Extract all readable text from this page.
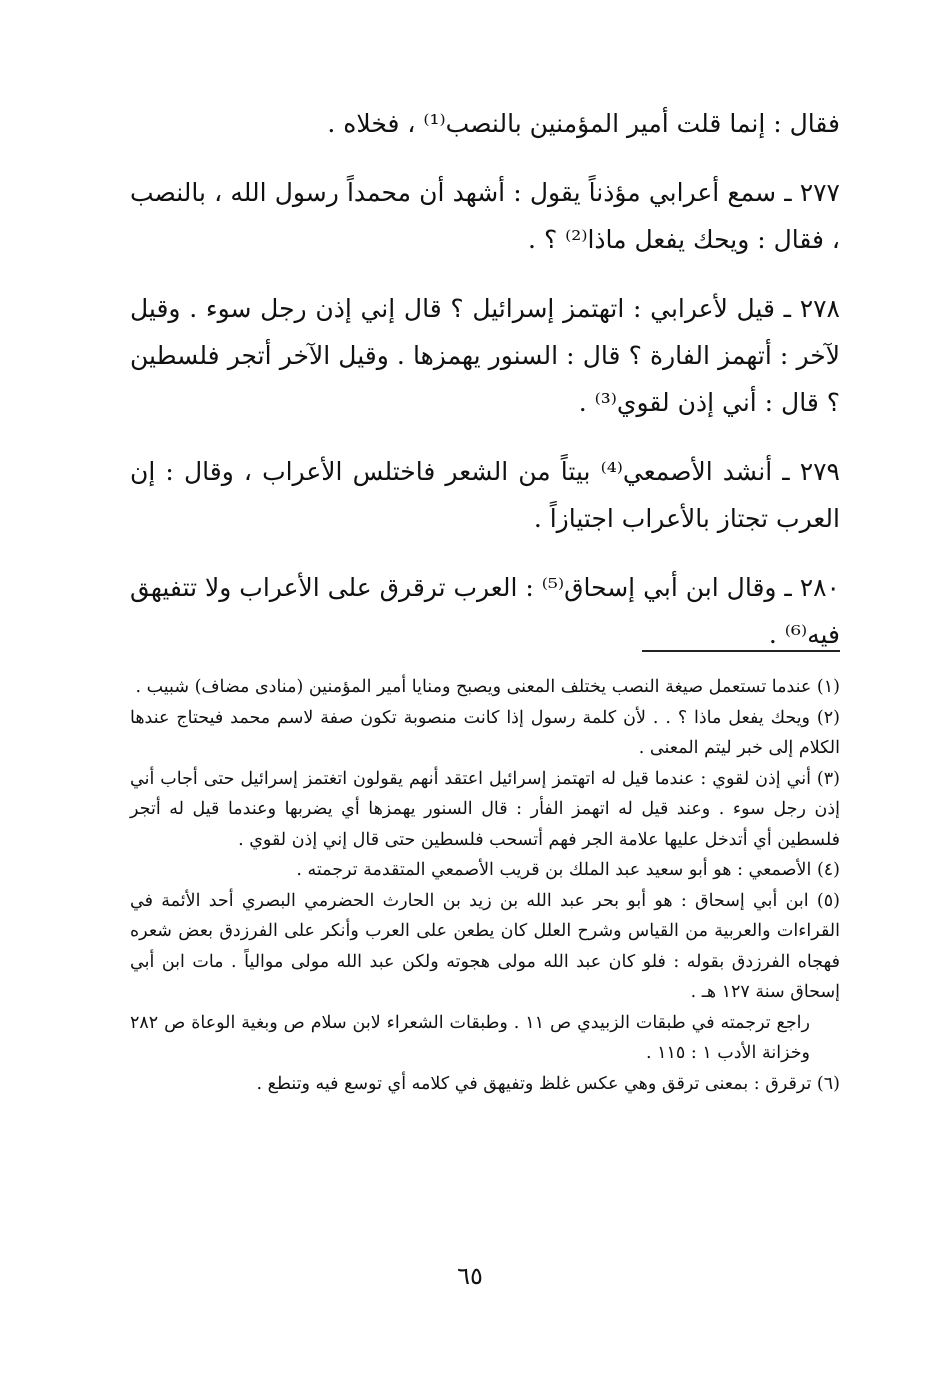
فقال : إنما قلت أمير المؤمنين بالنصب⁽¹⁾ ، فخلاه .

٢٧٧ ـ سمع أعرابي مؤذناً يقول : أشهد أن محمداً رسول الله ، بالنصب ، فقال : ويحك يفعل ماذا⁽²⁾ ؟ .

٢٧٨ ـ قيل لأعرابي : اتهتمز إسرائيل ؟ قال إني إذن رجل سوء . وقيل لآخر : أتهمز الفارة ؟ قال : السنور يهمزها . وقيل الآخر أتجر فلسطين ؟ قال : أني إذن لقوي⁽³⁾ .

٢٧٩ ـ أنشد الأصمعي⁽⁴⁾ بيتاً من الشعر فاختلس الأعراب ، وقال : إن العرب تجتاز بالأعراب اجتيازاً .

٢٨٠ ـ وقال ابن أبي إسحاق⁽⁵⁾ : العرب ترقرق على الأعراب ولا تتفيهق فيه⁽⁶⁾ .

(١) عندما تستعمل صيغة النصب يختلف المعنى ويصبح ومنايا أمير المؤمنين (منادى مضاف) شبيب .

(٢) ويحك يفعل ماذا ؟ . . لأن كلمة رسول إذا كانت منصوبة تكون صفة لاسم محمد فيحتاج عندها الكلام إلى خبر ليتم المعنى .

(٣) أني إذن لقوي : عندما قيل له اتهتمز إسرائيل اعتقد أنهم يقولون اتغتمز إسرائيل حتى أجاب أني إذن رجل سوء . وعند قيل له اتهمز الفأر : قال السنور يهمزها أي يضربها وعندما قيل له أتجر فلسطين أي أتدخل عليها علامة الجر فهم أتسحب فلسطين حتى قال إني إذن لقوي .

(٤) الأصمعي : هو أبو سعيد عبد الملك بن قريب الأصمعي المتقدمة ترجمته .

(٥) ابن أبي إسحاق : هو أبو بحر عبد الله بن زيد بن الحارث الحضرمي البصري أحد الأئمة في القراءات والعربية من القياس وشرح العلل كان يطعن على العرب وأنكر على الفرزدق بعض شعره فهجاه الفرزدق بقوله : فلو كان عبد الله مولى هجوته ولكن عبد الله مولى موالياً . مات ابن أبي إسحاق سنة ١٢٧ هـ .

راجع ترجمته في طبقات الزبيدي ص ١١ . وطبقات الشعراء لابن سلام ص وبغية الوعاة ص ٢٨٢ وخزانة الأدب ١ : ١١٥ .

(٦) ترقرق : بمعنى ترقق وهي عكس غلظ وتفيهق في كلامه أي توسع فيه وتنطع .

٦٥
